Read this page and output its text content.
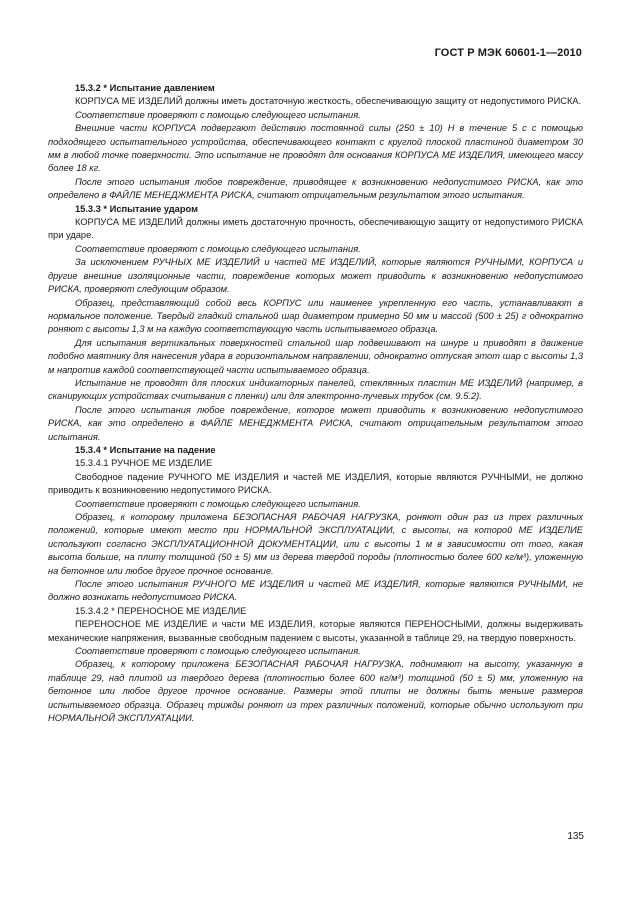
ГОСТ Р МЭК 60601-1—2010

15.3.2 * Испытание давлением

КОРПУСА МЕ ИЗДЕЛИЙ должны иметь достаточную жесткость, обеспечивающую защиту от недопустимого РИСКА.

Соответствие проверяют с помощью следующего испытания.

Внешние части КОРПУСА подвергают действию постоянной силы (250 ± 10) Н в течение 5 с с помощью подходящего испытательного устройства, обеспечивающего контакт с круглой плоской пластиной диаметром 30 мм в любой точке поверхности. Это испытание не проводят для основания КОРПУСА МЕ ИЗДЕЛИЯ, имеющего массу более 18 кг.

После этого испытания любое повреждение, приводящее к возникновению недопустимого РИСКА, как это определено в ФАЙЛЕ МЕНЕДЖМЕНТА РИСКА, считают отрицательным результатом этого испытания.

15.3.3 * Испытание ударом

КОРПУСА МЕ ИЗДЕЛИЙ должны иметь достаточную прочность, обеспечивающую защиту от недопустимого РИСКА при ударе.

Соответствие проверяют с помощью следующего испытания.

За исключением РУЧНЫХ МЕ ИЗДЕЛИЙ и частей МЕ ИЗДЕЛИЙ, которые являются РУЧНЫМИ, КОРПУСА и другие внешние изоляционные части, повреждение которых может приводить к возникновению недопустимого РИСКА, проверяют следующим образом.

Образец, представляющий собой весь КОРПУС или наименее укрепленную его часть, устанавливают в нормальное положение. Твердый гладкий стальной шар диаметром примерно 50 мм и массой (500 ± 25) г однократно роняют с высоты 1,3 м на каждую соответствующую часть испытываемого образца.

Для испытания вертикальных поверхностей стальной шар подвешивают на шнуре и приводят в движение подобно маятнику для нанесения удара в горизонтальном направлении, однократно отпуская этот шар с высоты 1,3 м напротив каждой соответствующей части испытываемого образца.

Испытание не проводят для плоских индикаторных панелей, стеклянных пластин МЕ ИЗДЕЛИЙ (например, в сканирующих устройствах считывания с пленки) или для электронно-лучевых трубок (см. 9.5.2).

После этого испытания любое повреждение, которое может приводить к возникновению недопустимого РИСКА, как это определено в ФАЙЛЕ МЕНЕДЖМЕНТА РИСКА, считают отрицательным результатом этого испытания.

15.3.4 * Испытание на падение

15.3.4.1 РУЧНОЕ МЕ ИЗДЕЛИЕ

Свободное падение РУЧНОГО МЕ ИЗДЕЛИЯ и частей МЕ ИЗДЕЛИЯ, которые являются РУЧНЫМИ, не должно приводить к возникновению недопустимого РИСКА.

Соответствие проверяют с помощью следующего испытания.

Образец, к которому приложена БЕЗОПАСНАЯ РАБОЧАЯ НАГРУЗКА, роняют один раз из трех различных положений, которые имеют место при НОРМАЛЬНОЙ ЭКСПЛУАТАЦИИ, с высоты, на которой МЕ ИЗДЕЛИЕ используют согласно ЭКСПЛУАТАЦИОННОЙ ДОКУМЕНТАЦИИ, или с высоты 1 м в зависимости от того, какая высота больше, на плиту толщиной (50 ± 5) мм из дерева твердой породы (плотностью более 600 кг/м³), уложенную на бетонное или любое другое прочное основание.

После этого испытания РУЧНОГО МЕ ИЗДЕЛИЯ и частей МЕ ИЗДЕЛИЯ, которые являются РУЧНЫМИ, не должно возникать недопустимого РИСКА.

15.3.4.2 * ПЕРЕНОСНОЕ МЕ ИЗДЕЛИЕ

ПЕРЕНОСНОЕ МЕ ИЗДЕЛИЕ и части МЕ ИЗДЕЛИЯ, которые являются ПЕРЕНОСНЫМИ, должны выдерживать механические напряжения, вызванные свободным падением с высоты, указанной в таблице 29, на твердую поверхность.

Соответствие проверяют с помощью следующего испытания.

Образец, к которому приложена БЕЗОПАСНАЯ РАБОЧАЯ НАГРУЗКА, поднимают на высоту, указанную в таблице 29, над плитой из твердого дерева (плотностью более 600 кг/м³) толщиной (50 ± 5) мм, уложенную на бетонное или любое другое прочное основание. Размеры этой плиты не должны быть меньше размеров испытываемого образца. Образец трижды роняют из трех различных положений, которые обычно используют при НОРМАЛЬНОЙ ЭКСПЛУАТАЦИИ.

135
